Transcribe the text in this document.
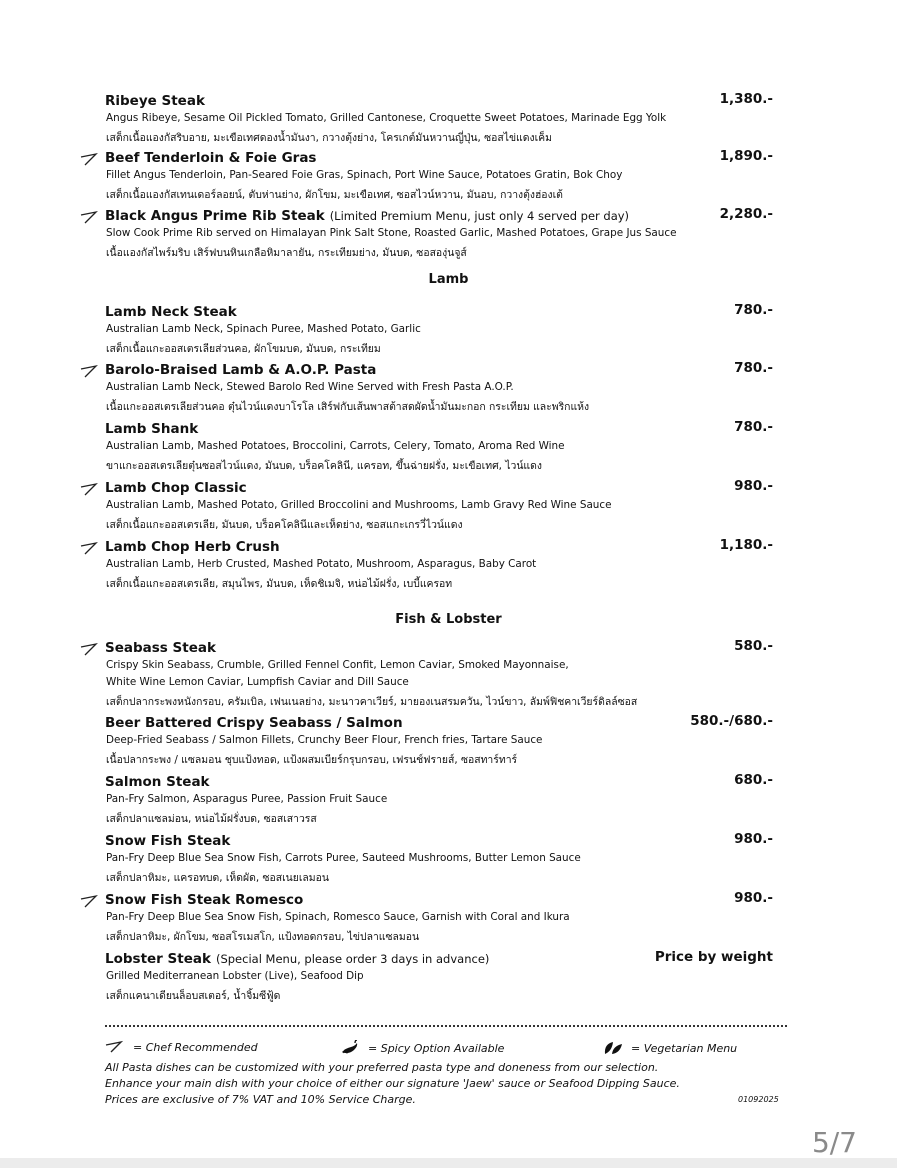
Ribeye Steak	1,380.-
Angus Ribeye, Sesame Oil Pickled Tomato, Grilled Cantonese, Croquette Sweet Potatoes, Marinade Egg Yolk
เสต็กเนื้อแองกัสริบอาย, มะเขือเทศดองน้ำมันงา, กวางตุ้งย่าง, โครเกต์มันหวานญี่ปุ่น, ซอสไข่แดงเค็ม
Beef Tenderloin & Foie Gras	1,890.-
Fillet Angus Tenderloin, Pan-Seared Foie Gras, Spinach, Port Wine Sauce, Potatoes Gratin, Bok Choy
เสต็กเนื้อแองกัสเทนเดอร์ลอยน์, ตับห่านย่าง, ผักโขม, มะเขือเทศ, ซอสไวน์หวาน, มันอบ, กวางตุ้งฮ่องเต้
Black Angus Prime Rib Steak (Limited Premium Menu, just only 4 served per day)	2,280.-
Slow Cook Prime Rib served on Himalayan Pink Salt Stone, Roasted Garlic, Mashed Potatoes, Grape Jus Sauce
เนื้อแองกัสไพร์มริบ เสิร์ฟบนหินเกลือหิมาลายัน, กระเทียมย่าง, มันบด, ซอสองุ่นจูส์
Lamb Neck Steak	780.-
Australian Lamb Neck, Spinach Puree, Mashed Potato, Garlic
เสต็กเนื้อแกะออสเตรเลียส่วนคอ, ผักโขมบด, มันบด, กระเทียม
Barolo-Braised Lamb & A.O.P. Pasta	780.-
Australian Lamb Neck, Stewed Barolo Red Wine Served with Fresh Pasta A.O.P.
เนื้อแกะออสเตรเลียส่วนคอ ตุ๋นไวน์แดงบาโรโล เสิร์ฟกับเส้นพาสต้าสดผัดน้ำมันมะกอก กระเทียม และพริกแห้ง
Lamb Shank	780.-
Australian Lamb, Mashed Potatoes, Broccolini, Carrots, Celery, Tomato, Aroma Red Wine
ขาแกะออสเตรเลียตุ๋นซอสไวน์แดง, มันบด, บร็อคโคลินี, แครอท, ขึ้นฉ่ายฝรั่ง, มะเขือเทศ, ไวน์แดง
Lamb Chop Classic	980.-
Australian Lamb, Mashed Potato, Grilled Broccolini and Mushrooms, Lamb Gravy Red Wine Sauce
เสต็กเนื้อแกะออสเตรเลีย, มันบด, บร็อคโคลินีและเห็ดย่าง, ซอสแกะเกรวี่ไวน์แดง
Lamb Chop Herb Crush	1,180.-
Australian Lamb, Herb Crusted, Mashed Potato, Mushroom, Asparagus, Baby Carot
เสต็กเนื้อแกะออสเตรเลีย, สมุนไพร, มันบด, เห็ดชิเมจิ, หน่อไม้ฝรั่ง, เบบี้แครอท
Seabass Steak	580.-
Crispy Skin Seabass, Crumble, Grilled Fennel Confit, Lemon Caviar, Smoked Mayonnaise,
White Wine Lemon Caviar, Lumpfish Caviar and Dill Sauce
เสต็กปลากระพงหนังกรอบ, ครัมเบิล, เฟนเนลย่าง, มะนาวคาเวียร์, มายองเนสรมควัน, ไวน์ขาว, ลัมพ์ฟิชคาเวียร์ดิลล์ซอส
Beer Battered Crispy Seabass / Salmon	580.-/680.-
Deep-Fried Seabass / Salmon Fillets, Crunchy Beer Flour, French fries, Tartare Sauce
เนื้อปลากระพง / แซลมอน ชุบแป้งทอด, แป้งผสมเบียร์กรุบกรอบ, เฟรนช์ฟรายส์, ซอสทาร์ทาร์
Salmon Steak	680.-
Pan-Fry Salmon, Asparagus Puree, Passion Fruit Sauce
เสต็กปลาแซลม่อน, หน่อไม้ฝรั่งบด, ซอสเสาวรส
Snow Fish Steak	980.-
Pan-Fry Deep Blue Sea Snow Fish, Carrots Puree, Sauteed Mushrooms, Butter Lemon Sauce
เสต็กปลาหิมะ, แครอทบด, เห็ดผัด, ซอสเนยเลมอน
Snow Fish Steak Romesco	980.-
Pan-Fry Deep Blue Sea Snow Fish, Spinach, Romesco Sauce, Garnish with Coral and Ikura
เสต็กปลาหิมะ, ผักโขม, ซอสโรเมสโก, แป้งทอดกรอบ, ไข่ปลาแซลมอน
Lobster Steak (Special Menu, please order 3 days in advance)	Price by weight
Grilled Mediterranean Lobster (Live), Seafood Dip
เสต็กแคนาเดียนล็อบสเตอร์, น้ำจิ้มซีฟู้ด
Lamb
Fish & Lobster
= Chef Recommended	= Spicy Option Available	= Vegetarian Menu
All Pasta dishes can be customized with your preferred pasta type and doneness from our selection.
Enhance your main dish with your choice of either our signature 'Jaew' sauce or Seafood Dipping Sauce.
Prices are exclusive of 7% VAT and 10% Service Charge.	01092025
5/7
